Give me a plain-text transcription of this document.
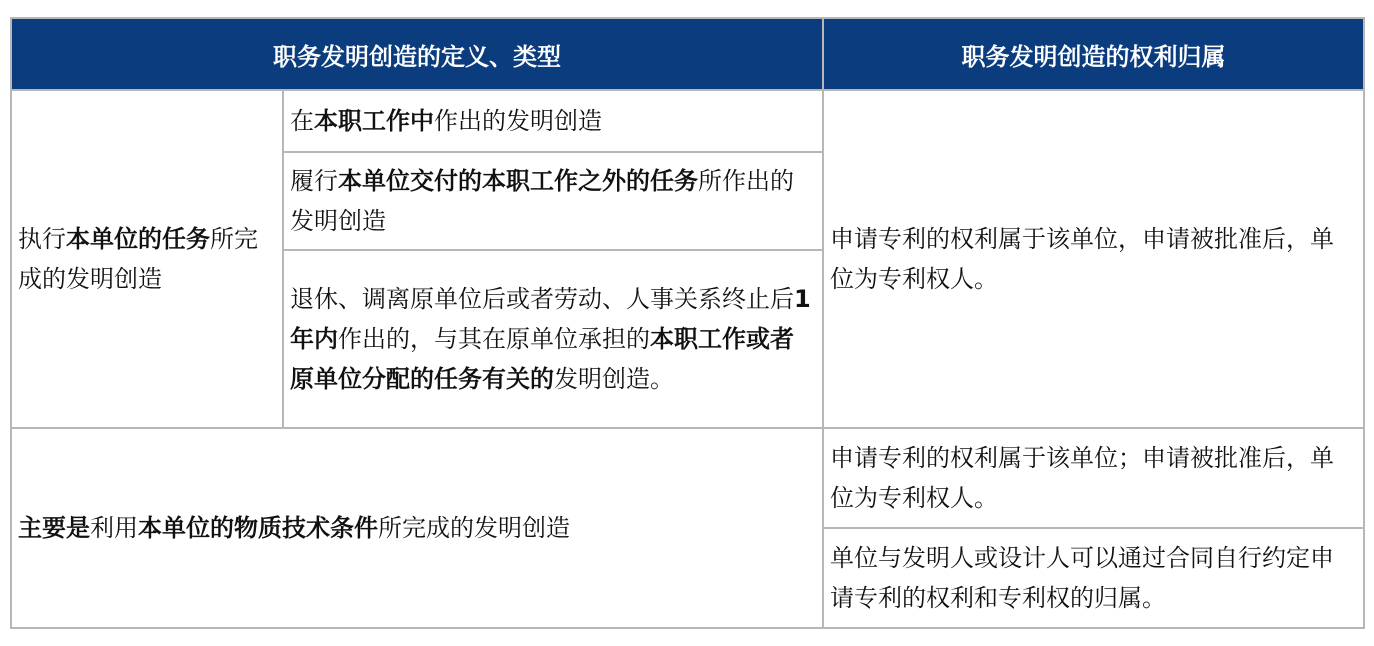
职务发明创造的定义、类型		职务发明创造的权利归属
执行本单位的任务所完成的发明创造	在本职工作中作出的发明创造	申请专利的权利属于该单位，申请被批准后，单位为专利权人。
	履行本单位交付的本职工作之外的任务所作出的发明创造	
	退休、调离原单位后或者劳动、人事关系终止后1年内作出的，与其在原单位承担的本职工作或者原单位分配的任务有关的发明创造。	
主要是利用本单位的物质技术条件所完成的发明创造		申请专利的权利属于该单位；申请被批准后，单位为专利权人。
		单位与发明人或设计人可以通过合同自行约定申请专利的权利和专利权的归属。
